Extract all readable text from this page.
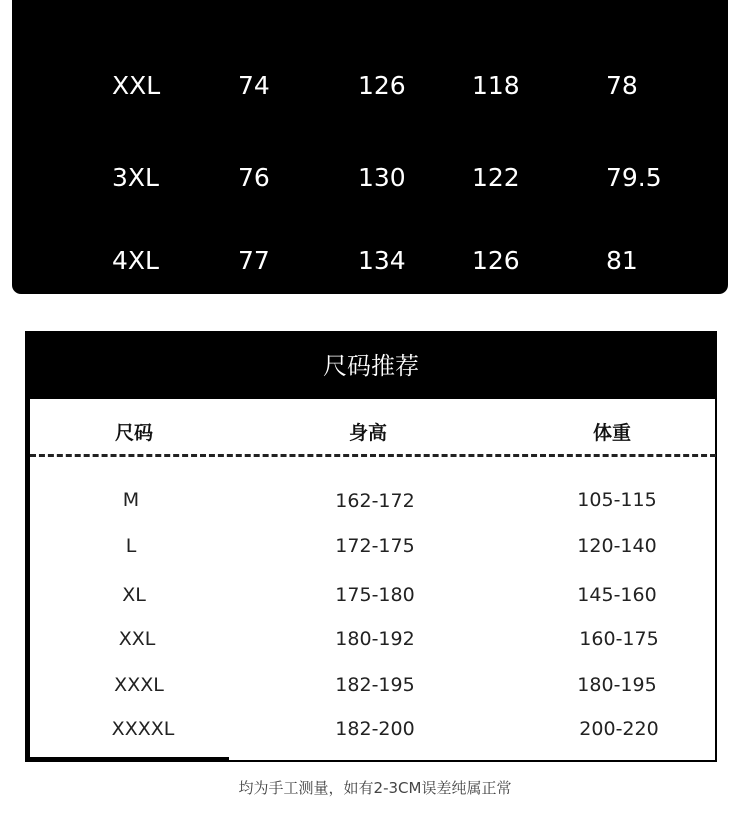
XXL	74	126	118	78
3XL	76	130	122	79.5
4XL	77	134	126	81
尺码推荐
尺码	身高	体重
M	162-172	105-115
L	172-175	120-140
XL	175-180	145-160
XXL	180-192	160-175
XXXL	182-195	180-195
XXXXL	182-200	200-220
均为手工测量，如有2-3CM误差纯属正常
